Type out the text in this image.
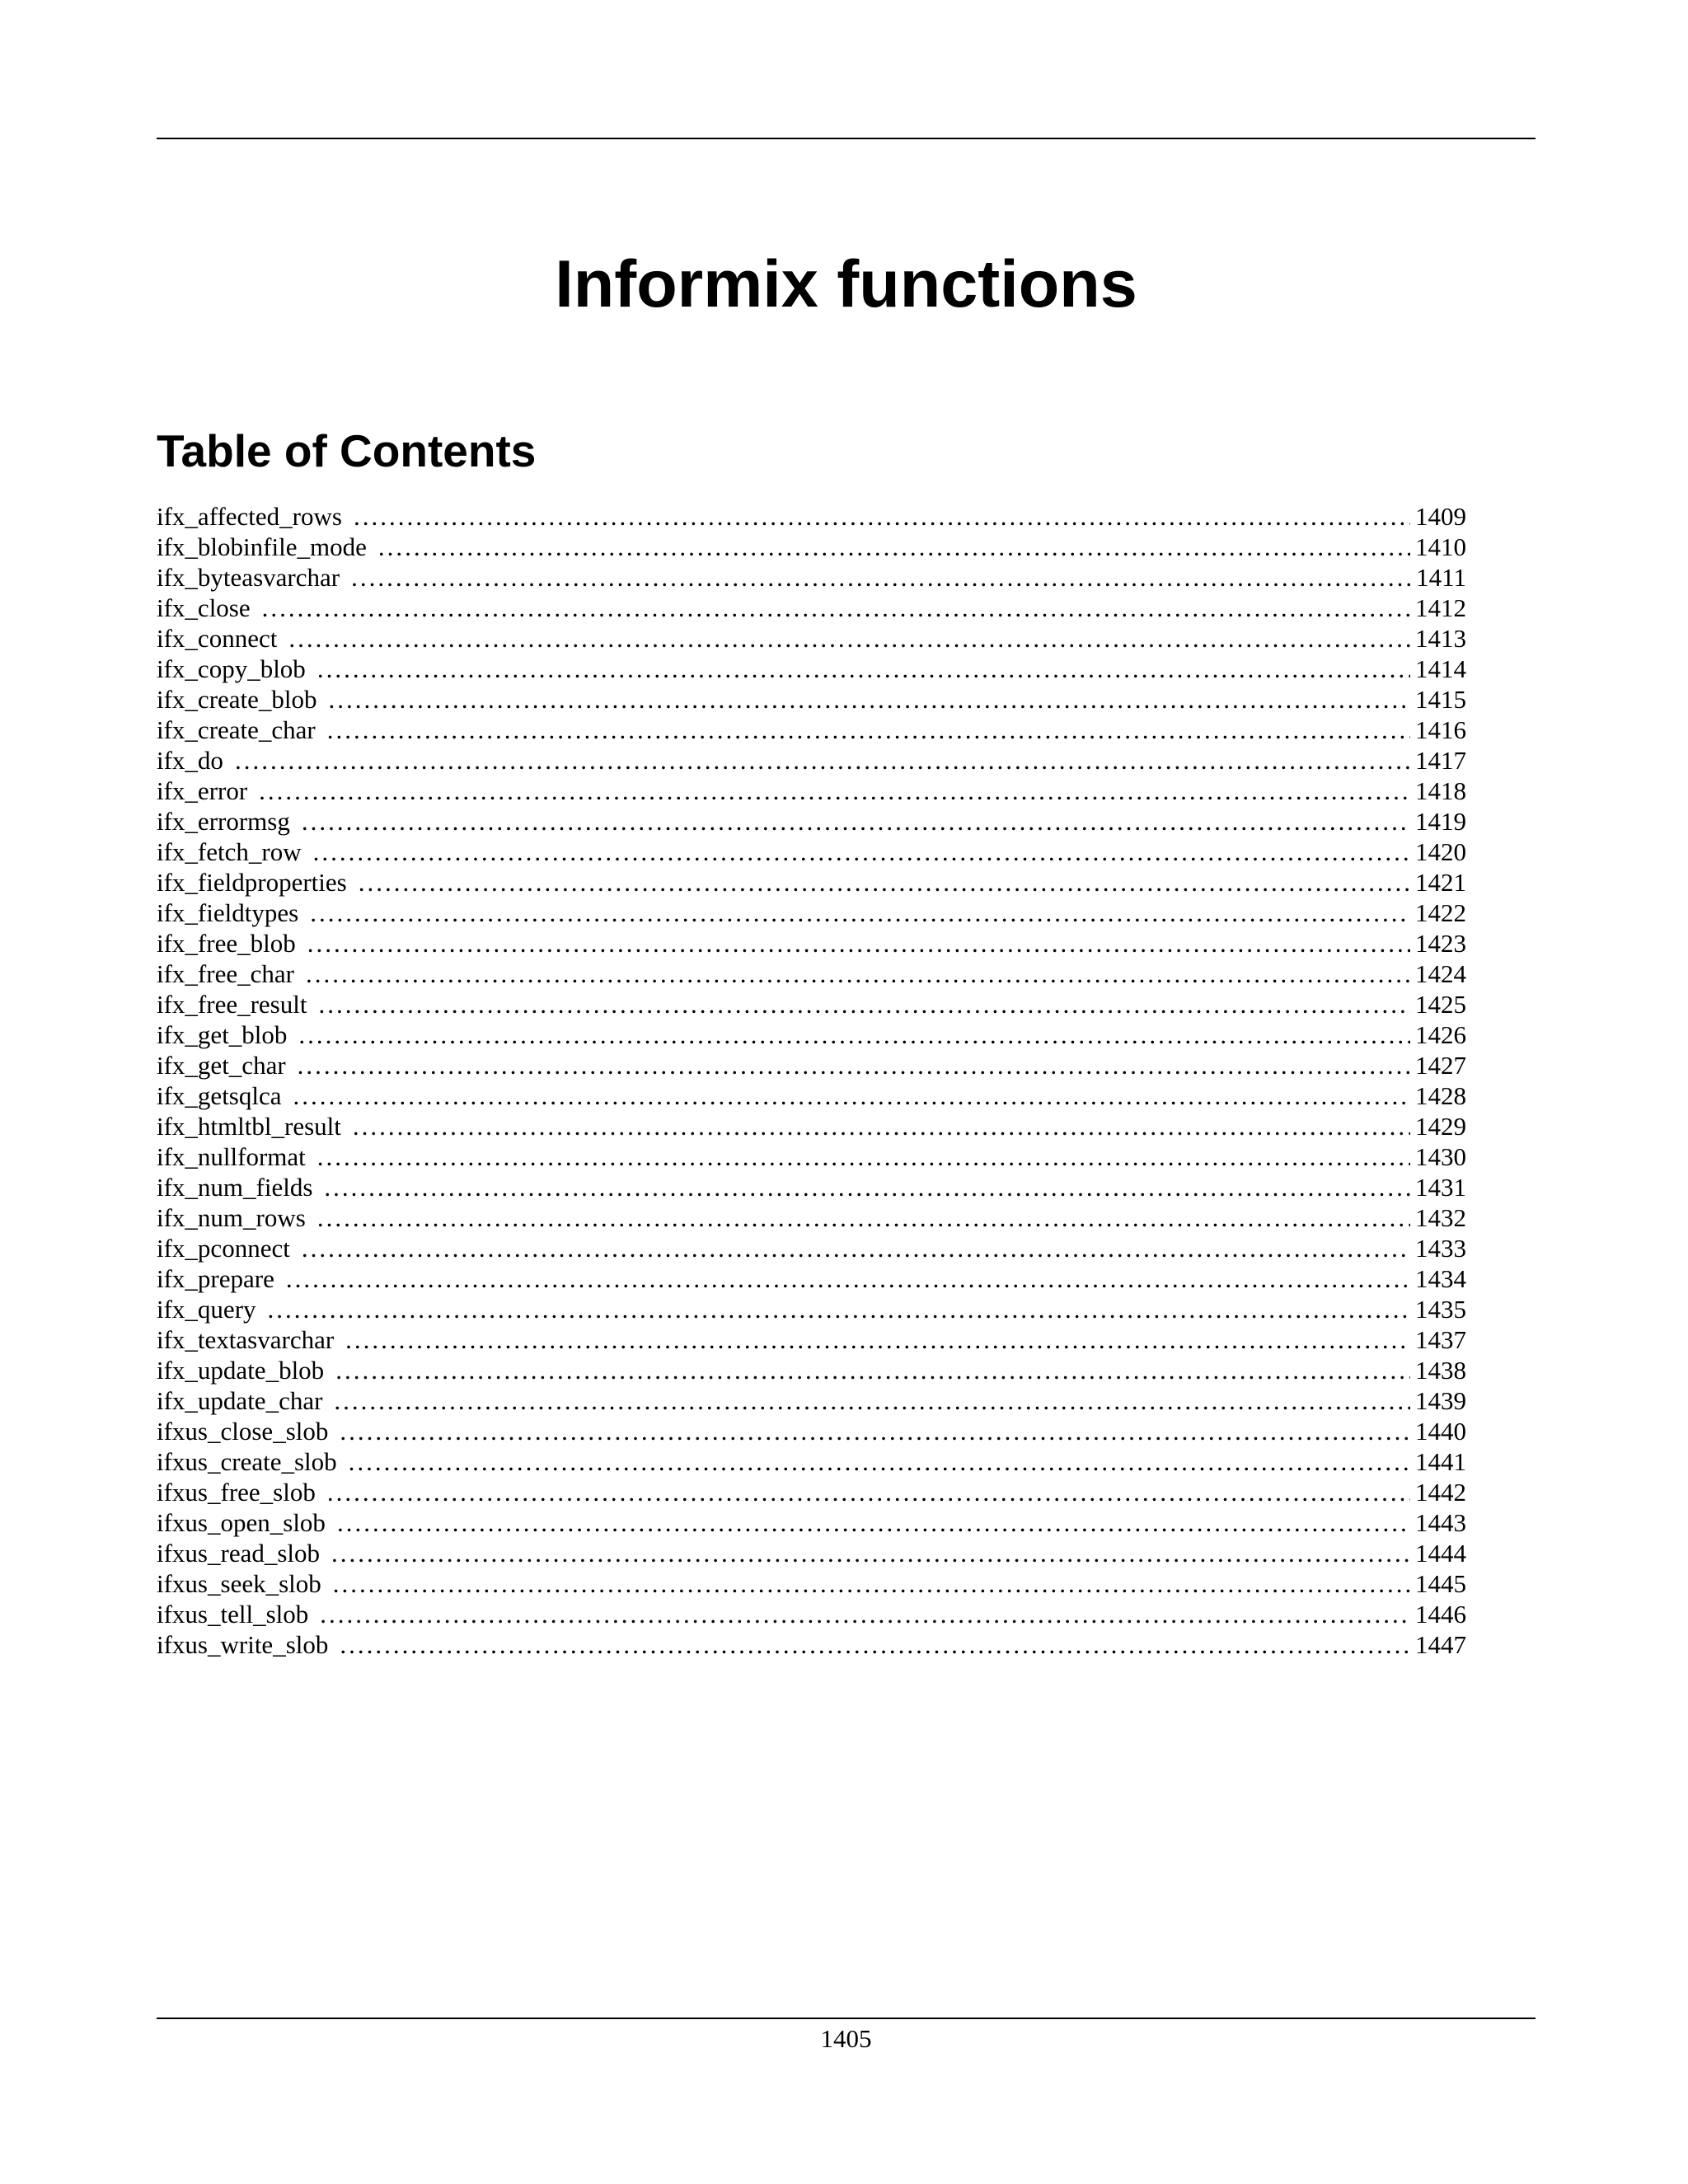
Informix functions
Table of Contents
ifx_affected_rows .....	1409
ifx_blobinfile_mode .....	1410
ifx_byteasvarchar .....	1411
ifx_close .....	1412
ifx_connect .....	1413
ifx_copy_blob .....	1414
ifx_create_blob .....	1415
ifx_create_char .....	1416
ifx_do .....	1417
ifx_error .....	1418
ifx_errormsg .....	1419
ifx_fetch_row .....	1420
ifx_fieldproperties .....	1421
ifx_fieldtypes .....	1422
ifx_free_blob .....	1423
ifx_free_char .....	1424
ifx_free_result .....	1425
ifx_get_blob .....	1426
ifx_get_char .....	1427
ifx_getsqlca .....	1428
ifx_htmltbl_result .....	1429
ifx_nullformat .....	1430
ifx_num_fields .....	1431
ifx_num_rows .....	1432
ifx_pconnect .....	1433
ifx_prepare .....	1434
ifx_query .....	1435
ifx_textasvarchar .....	1437
ifx_update_blob .....	1438
ifx_update_char .....	1439
ifxus_close_slob .....	1440
ifxus_create_slob .....	1441
ifxus_free_slob .....	1442
ifxus_open_slob .....	1443
ifxus_read_slob .....	1444
ifxus_seek_slob .....	1445
ifxus_tell_slob .....	1446
ifxus_write_slob .....	1447
1405
